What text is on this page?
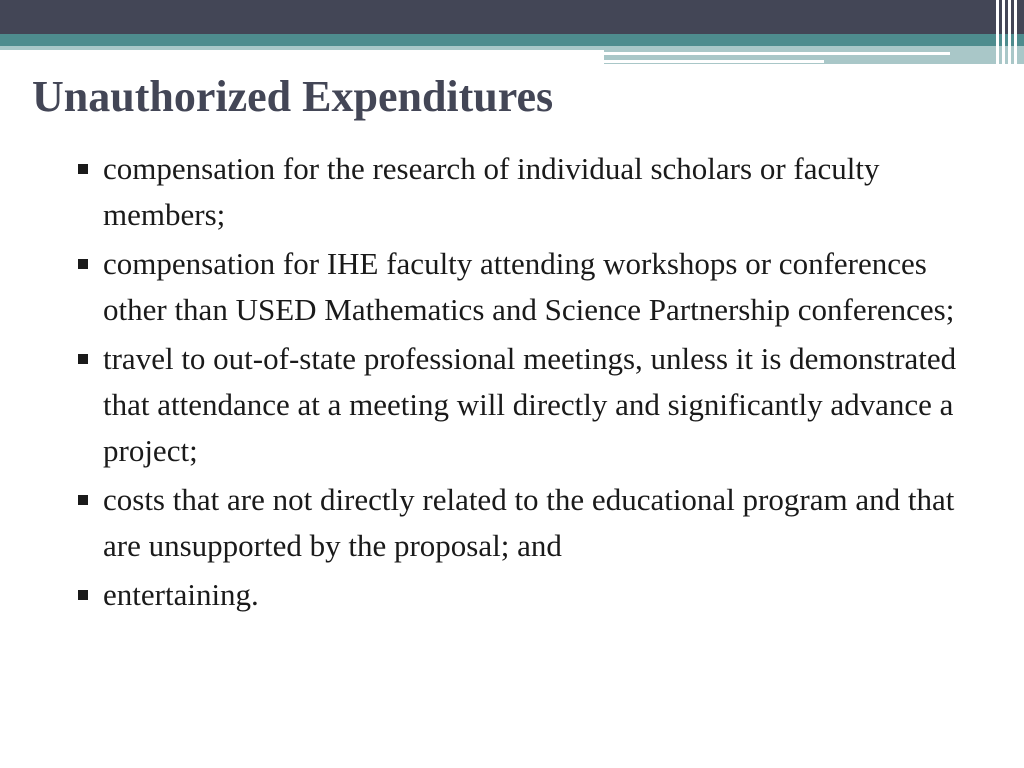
Unauthorized Expenditures
compensation for the research of individual scholars or faculty members;
compensation for IHE faculty attending workshops or conferences other than USED Mathematics and Science Partnership conferences;
travel to out-of-state professional meetings, unless it is demonstrated that attendance at a meeting will directly and significantly advance a project;
costs that are not directly related to the educational program and that are unsupported by the proposal; and
entertaining.
